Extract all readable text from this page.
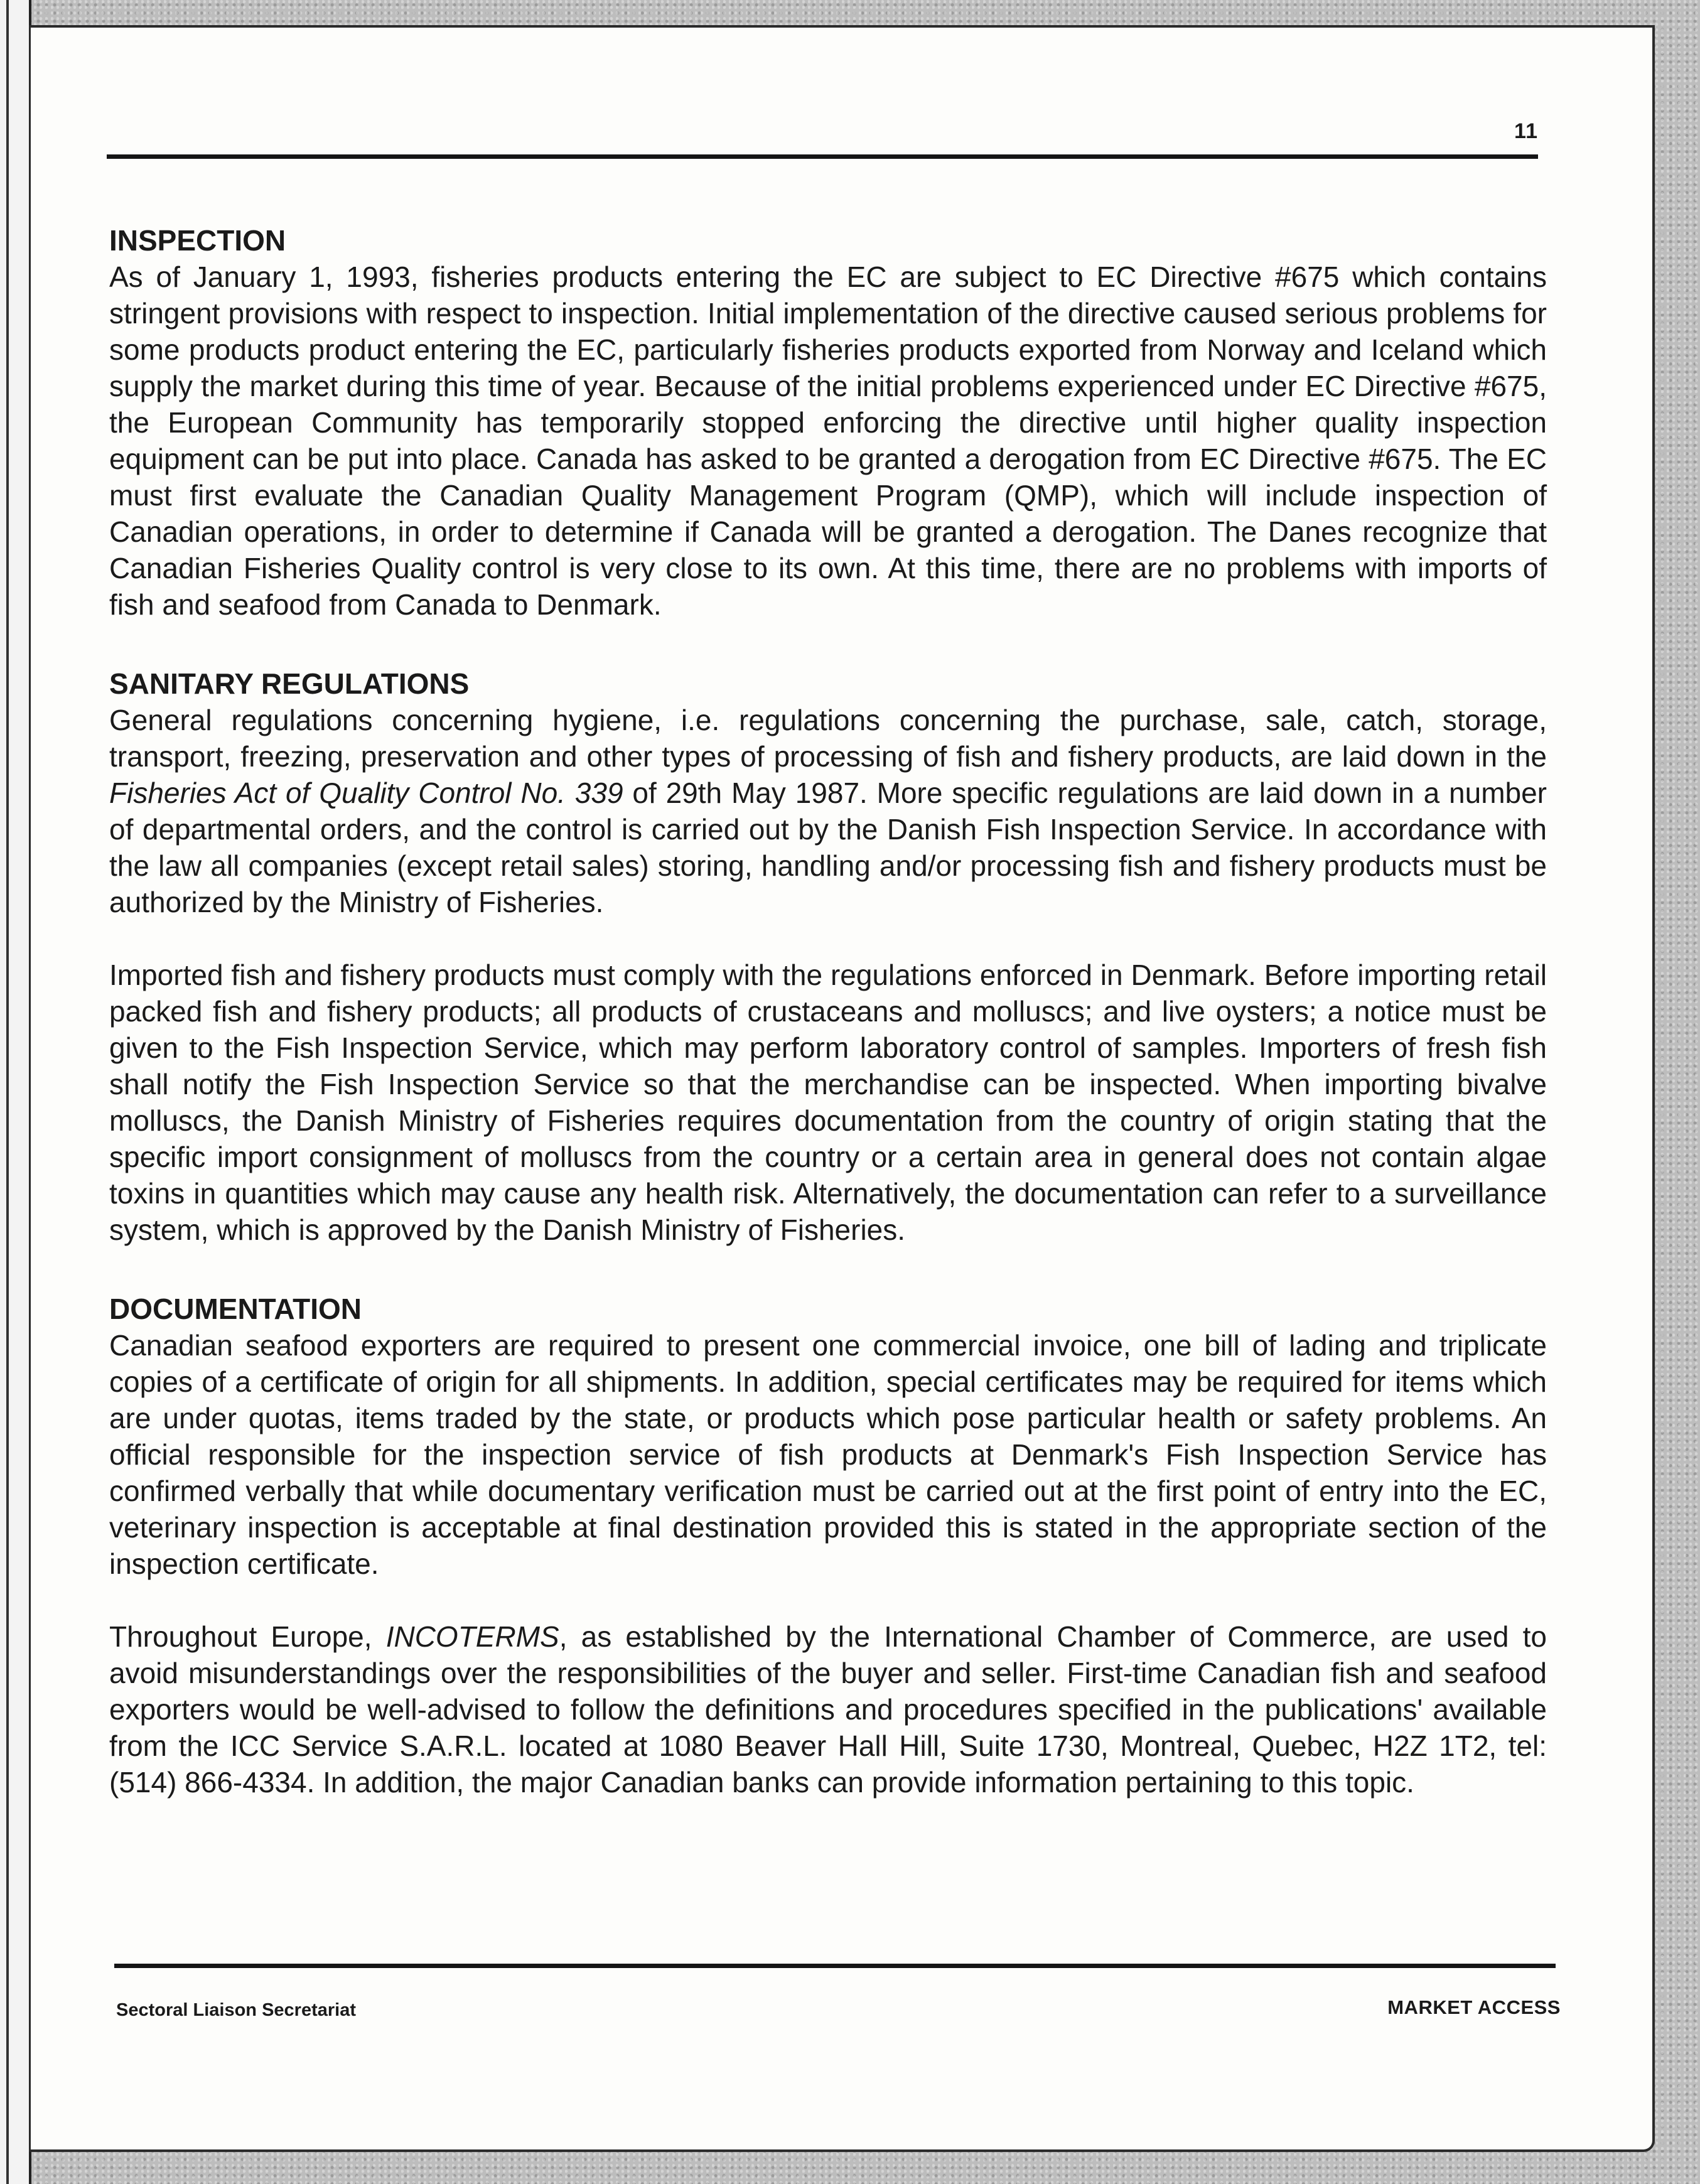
11
INSPECTION

As of January 1, 1993, fisheries products entering the EC are subject to EC Directive #675 which contains stringent provisions with respect to inspection. Initial implementation of the directive caused serious problems for some products product entering the EC, particularly fisheries products exported from Norway and Iceland which supply the market during this time of year. Because of the initial problems experienced under EC Directive #675, the European Community has temporarily stopped enforcing the directive until higher quality inspection equipment can be put into place. Canada has asked to be granted a derogation from EC Directive #675. The EC must first evaluate the Canadian Quality Management Program (QMP), which will include inspection of Canadian operations, in order to determine if Canada will be granted a derogation. The Danes recognize that Canadian Fisheries Quality control is very close to its own. At this time, there are no problems with imports of fish and seafood from Canada to Denmark.

SANITARY REGULATIONS

General regulations concerning hygiene, i.e. regulations concerning the purchase, sale, catch, storage, transport, freezing, preservation and other types of processing of fish and fishery products, are laid down in the Fisheries Act of Quality Control No. 339 of 29th May 1987. More specific regulations are laid down in a number of departmental orders, and the control is carried out by the Danish Fish Inspection Service. In accordance with the law all companies (except retail sales) storing, handling and/or processing fish and fishery products must be authorized by the Ministry of Fisheries.

Imported fish and fishery products must comply with the regulations enforced in Denmark. Before importing retail packed fish and fishery products; all products of crustaceans and molluscs; and live oysters; a notice must be given to the Fish Inspection Service, which may perform laboratory control of samples. Importers of fresh fish shall notify the Fish Inspection Service so that the merchandise can be inspected. When importing bivalve molluscs, the Danish Ministry of Fisheries requires documentation from the country of origin stating that the specific import consignment of molluscs from the country or a certain area in general does not contain algae toxins in quantities which may cause any health risk. Alternatively, the documentation can refer to a surveillance system, which is approved by the Danish Ministry of Fisheries.

DOCUMENTATION

Canadian seafood exporters are required to present one commercial invoice, one bill of lading and triplicate copies of a certificate of origin for all shipments. In addition, special certificates may be required for items which are under quotas, items traded by the state, or products which pose particular health or safety problems. An official responsible for the inspection service of fish products at Denmark's Fish Inspection Service has confirmed verbally that while documentary verification must be carried out at the first point of entry into the EC, veterinary inspection is acceptable at final destination provided this is stated in the appropriate section of the inspection certificate.

Throughout Europe, INCOTERMS, as established by the International Chamber of Commerce, are used to avoid misunderstandings over the responsibilities of the buyer and seller. First-time Canadian fish and seafood exporters would be well-advised to follow the definitions and procedures specified in the publications' available from the ICC Service S.A.R.L. located at 1080 Beaver Hall Hill, Suite 1730, Montreal, Quebec, H2Z 1T2, tel:(514) 866-4334. In addition, the major Canadian banks can provide information pertaining to this topic.

Sectoral Liaison Secretariat	MARKET ACCESS
